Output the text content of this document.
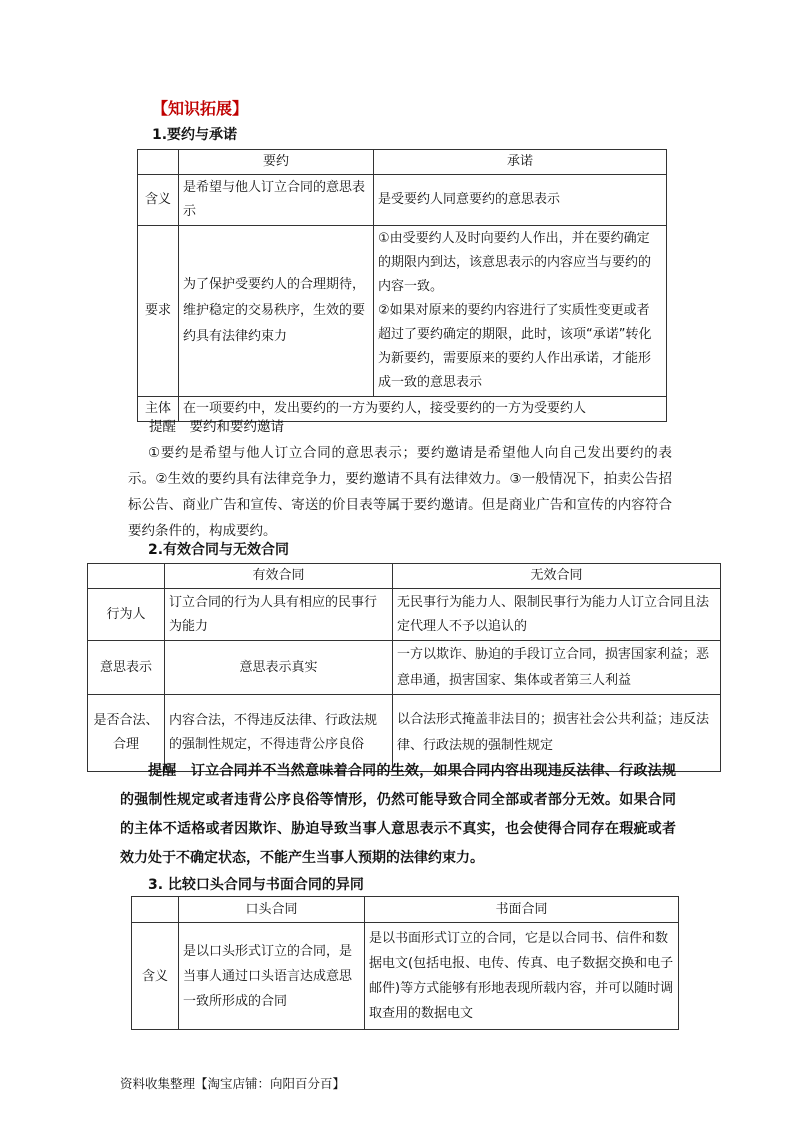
【知识拓展】
1.要约与承诺
	要约	承诺
含义	是希望与他人订立合同的意思表示	是受要约人同意要约的意思表示
要求	为了保护受要约人的合理期待，维护稳定的交易秩序，生效的要约具有法律约束力	①由受要约人及时向要约人作出，并在要约确定的期限内到达，该意思表示的内容应当与要约的内容一致。
②如果对原来的要约内容进行了实质性变更或者超过了要约确定的期限，此时，该项“承诺”转化为新要约，需要原来的要约人作出承诺，才能形成一致的意思表示

主体	在一项要约中，发出要约的一方为要约人，接受要约的一方为受要约人	
提醒　要约和要约邀请
①要约是希望与他人订立合同的意思表示；要约邀请是希望他人向自己发出要约的表示。②生效的要约具有法律竞争力，要约邀请不具有法律效力。③一般情况下，拍卖公告招标公告、商业广告和宣传、寄送的价目表等属于要约邀请。但是商业广告和宣传的内容符合要约条件的，构成要约。
2.有效合同与无效合同
	有效合同	无效合同
行为人	订立合同的行为人具有相应的民事行为能力	无民事行为能力人、限制民事行为能力人订立合同且法定代理人不予以追认的
意思表示	意思表示真实	一方以欺诈、胁迫的手段订立合同，损害国家利益；恶意串通，损害国家、集体或者第三人利益
是否合法、合理	内容合法，不得违反法律、行政法规的强制性规定，不得违背公序良俗	以合法形式掩盖非法目的；损害社会公共利益；违反法律、行政法规的强制性规定
提醒　订立合同并不当然意味着合同的生效，如果合同内容出现违反法律、行政法规的强制性规定或者违背公序良俗等情形，仍然可能导致合同全部或者部分无效。如果合同的主体不适格或者因欺诈、胁迫导致当事人意思表示不真实，也会使得合同存在瑕疵或者效力处于不确定状态，不能产生当事人预期的法律约束力。
3. 比较口头合同与书面合同的异同
	口头合同	书面合同
含义	是以口头形式订立的合同，是当事人通过口头语言达成意思一致所形成的合同	是以书面形式订立的合同，它是以合同书、信件和数据电文(包括电报、电传、传真、电子数据交换和电子邮件)等方式能够有形地表现所载内容，并可以随时调取查用的数据电文
资料收集整理【淘宝店铺：向阳百分百】
